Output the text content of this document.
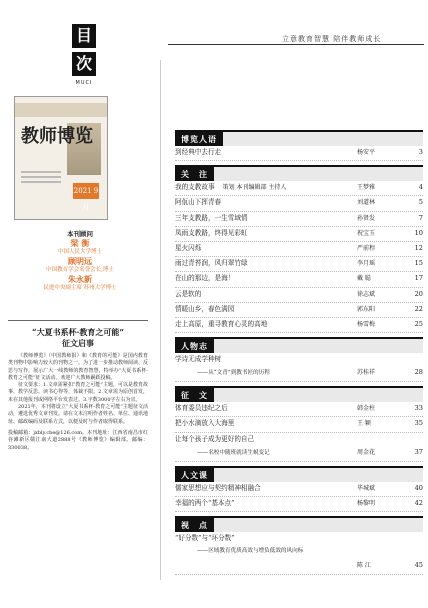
立意教育智慧 陪伴教师成长
目
次
MUCI
教师博览
2021 9月
本刊顾问
梁 衡
中国人民大学博士
顾明远
中国教育学会名誉会长,博士
朱永新
民进中央副主席 苏州大学博士
“大夏书系杯·教育之可能”
征文启事

《教师博览》（中国教师报）和《教育的可能》是国内教育类刊物中影响力较大的刊物之一。为了进一步推动教师阅读、反思与写作，展示广大一线教师的教育智慧，特举办“大夏书系杯·教育之可能”征文活动。欢迎广大教师踊跃投稿。

征文要求：1.文章需紧扣“教育之可能”主题，可以是教育故事、教学反思、读书心得等，体裁不限。2.文章需为原创首发，未在其他报刊或网络平台发表过。3.字数3000字左右为宜。

2021年，本刊将设立“大夏书系杯·教育之可能”主题征文活动，遴选优秀文章刊发。请在文末注明作者姓名、单位、通讯地址、邮政编码及联系方式，以便及时与作者取得联系。

投稿邮箱：jxbly.cbe@126.com。本刊地址：江西省南昌市红谷滩新区赣江南大道2888号《教师博览》编辑部。邮编：330038。
博览人语
到经典中去行走	杨安平	3
关　注
我的支教故事 策划 本刊编辑部 主持人	王梦雅	4
阿佤山下挥青春	刘道林	5
三年支教路，一生雪域情	孙贤发	7
凤雨支教路，终得见彩虹	祝宝玉	10
星火闪烁	严前程	12
雨过青苔润，风归翠竹绿	李月瑶	15
在山的那边，是海！	戴 聪	17
云是软的	徐志斌	20
情暖山乡，春色满园	郭东阳	22
走上高原，重寻教育心灵的高地	杨雪梅	25
人物志
学诗无成学种树
——从“文青”到教书匠的历程	苏桂祥	28
征　文
体育委员违纪之后	韩金柱	33
把小水滴放入大海里	王 颖	35
让每个孩子成为更好的自己
——名校中随班就读生蜕变记	周金花	37
人文课
儒家思想应与契约精神相融合	毕城斌	40
幸福的两个“基本点”	杨黎明	42
视　点
“好分数”与“坏分数”
——区域教育优质高效与增负低效的风向标
陈 江	45
